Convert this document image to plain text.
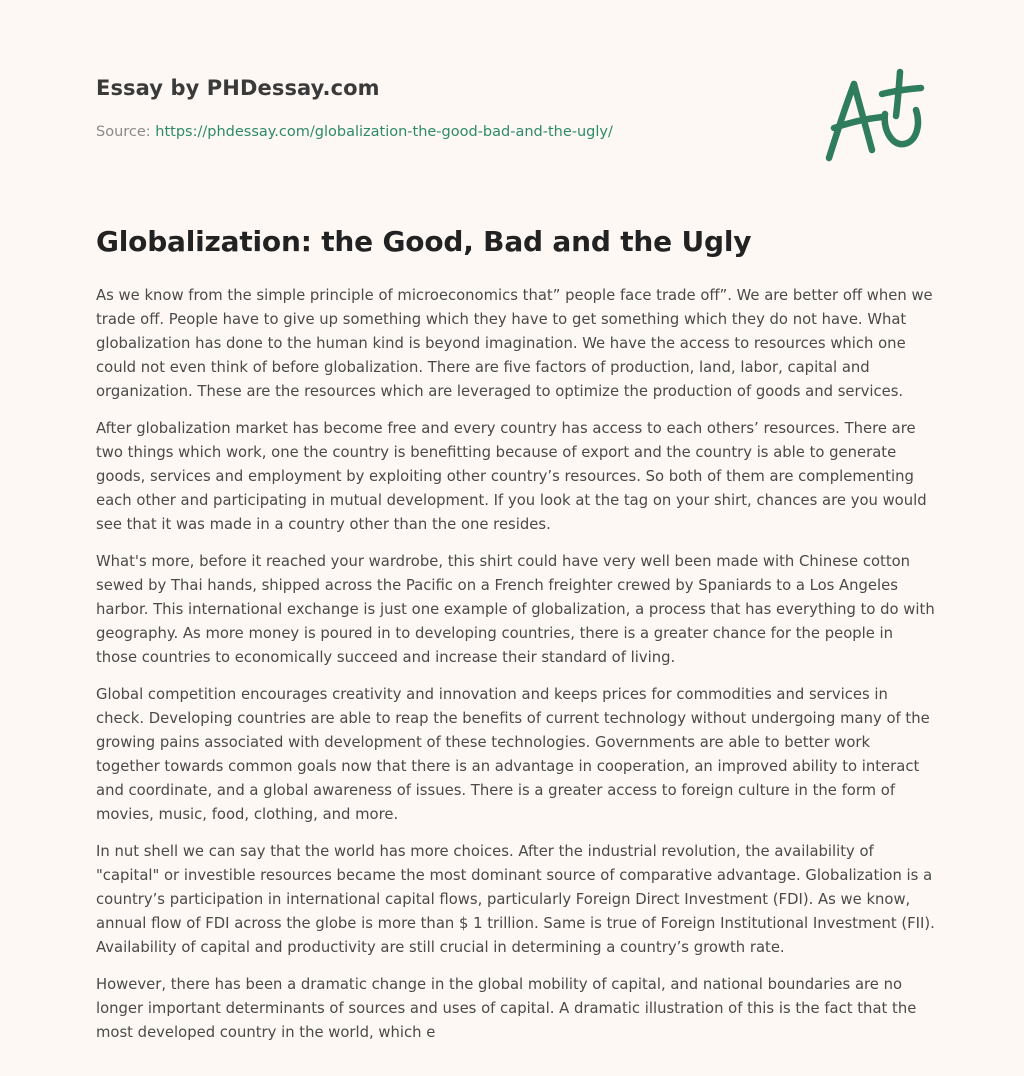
Essay by PHDessay.com

Source: https://phdessay.com/globalization-the-good-bad-and-the-ugly/

Globalization: the Good, Bad and the Ugly

As we know from the simple principle of microeconomics that” people face trade off”. We are better off when we trade off. People have to give up something which they have to get something which they do not have. What globalization has done to the human kind is beyond imagination. We have the access to resources which one could not even think of before globalization. There are five factors of production, land, labor, capital and organization. These are the resources which are leveraged to optimize the production of goods and services.

After globalization market has become free and every country has access to each others’ resources. There are two things which work, one the country is benefitting because of export and the country is able to generate goods, services and employment by exploiting other country’s resources. So both of them are complementing each other and participating in mutual development. If you look at the tag on your shirt, chances are you would see that it was made in a country other than the one resides.

What's more, before it reached your wardrobe, this shirt could have very well been made with Chinese cotton sewed by Thai hands, shipped across the Pacific on a French freighter crewed by Spaniards to a Los Angeles harbor. This international exchange is just one example of globalization, a process that has everything to do with geography. As more money is poured in to developing countries, there is a greater chance for the people in those countries to economically succeed and increase their standard of living.

Global competition encourages creativity and innovation and keeps prices for commodities and services in check. Developing countries are able to reap the benefits of current technology without undergoing many of the growing pains associated with development of these technologies. Governments are able to better work together towards common goals now that there is an advantage in cooperation, an improved ability to interact and coordinate, and a global awareness of issues. There is a greater access to foreign culture in the form of movies, music, food, clothing, and more.

In nut shell we can say that the world has more choices. After the industrial revolution, the availability of "capital" or investible resources became the most dominant source of comparative advantage. Globalization is a country’s participation in international capital flows, particularly Foreign Direct Investment (FDI). As we know, annual flow of FDI across the globe is more than $ 1 trillion. Same is true of Foreign Institutional Investment (FII). Availability of capital and productivity are still crucial in determining a country’s growth rate.

However, there has been a dramatic change in the global mobility of capital, and national boundaries are no longer important determinants of sources and uses of capital. A dramatic illustration of this is the fact that the most developed country in the world, which e
